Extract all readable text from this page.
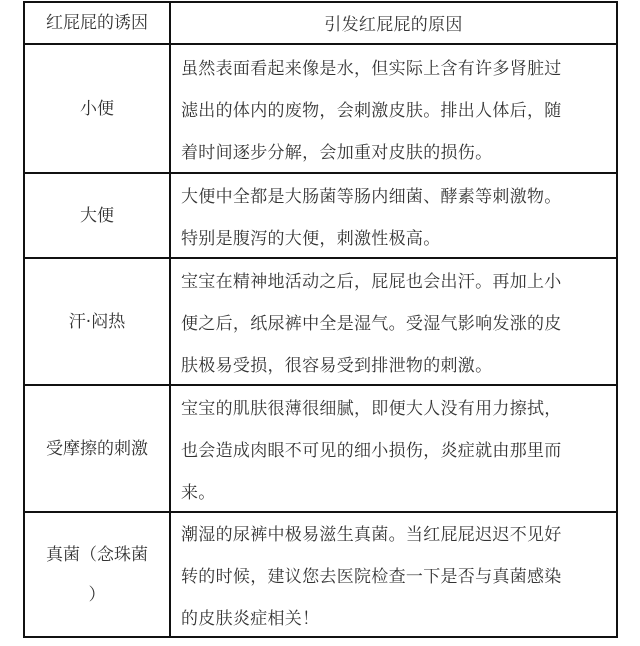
红屁屁的诱因	引发红屁屁的原因
小便
虽然表面看起来像是水，但实际上含有许多肾脏过
滤出的体内的废物，会刺激皮肤。排出人体后，随
着时间逐步分解，会加重对皮肤的损伤。
大便
大便中全都是大肠菌等肠内细菌、酵素等刺激物。
特别是腹泻的大便，刺激性极高。
汗·闷热
宝宝在精神地活动之后，屁屁也会出汗。再加上小
便之后，纸尿裤中全是湿气。受湿气影响发涨的皮
肤极易受损，很容易受到排泄物的刺激。
受摩擦的刺激
宝宝的肌肤很薄很细腻，即便大人没有用力擦拭，
也会造成肉眼不可见的细小损伤，炎症就由那里而
来。
真菌（念珠菌
）
潮湿的尿裤中极易滋生真菌。当红屁屁迟迟不见好
转的时候，建议您去医院检查一下是否与真菌感染
的皮肤炎症相关！
